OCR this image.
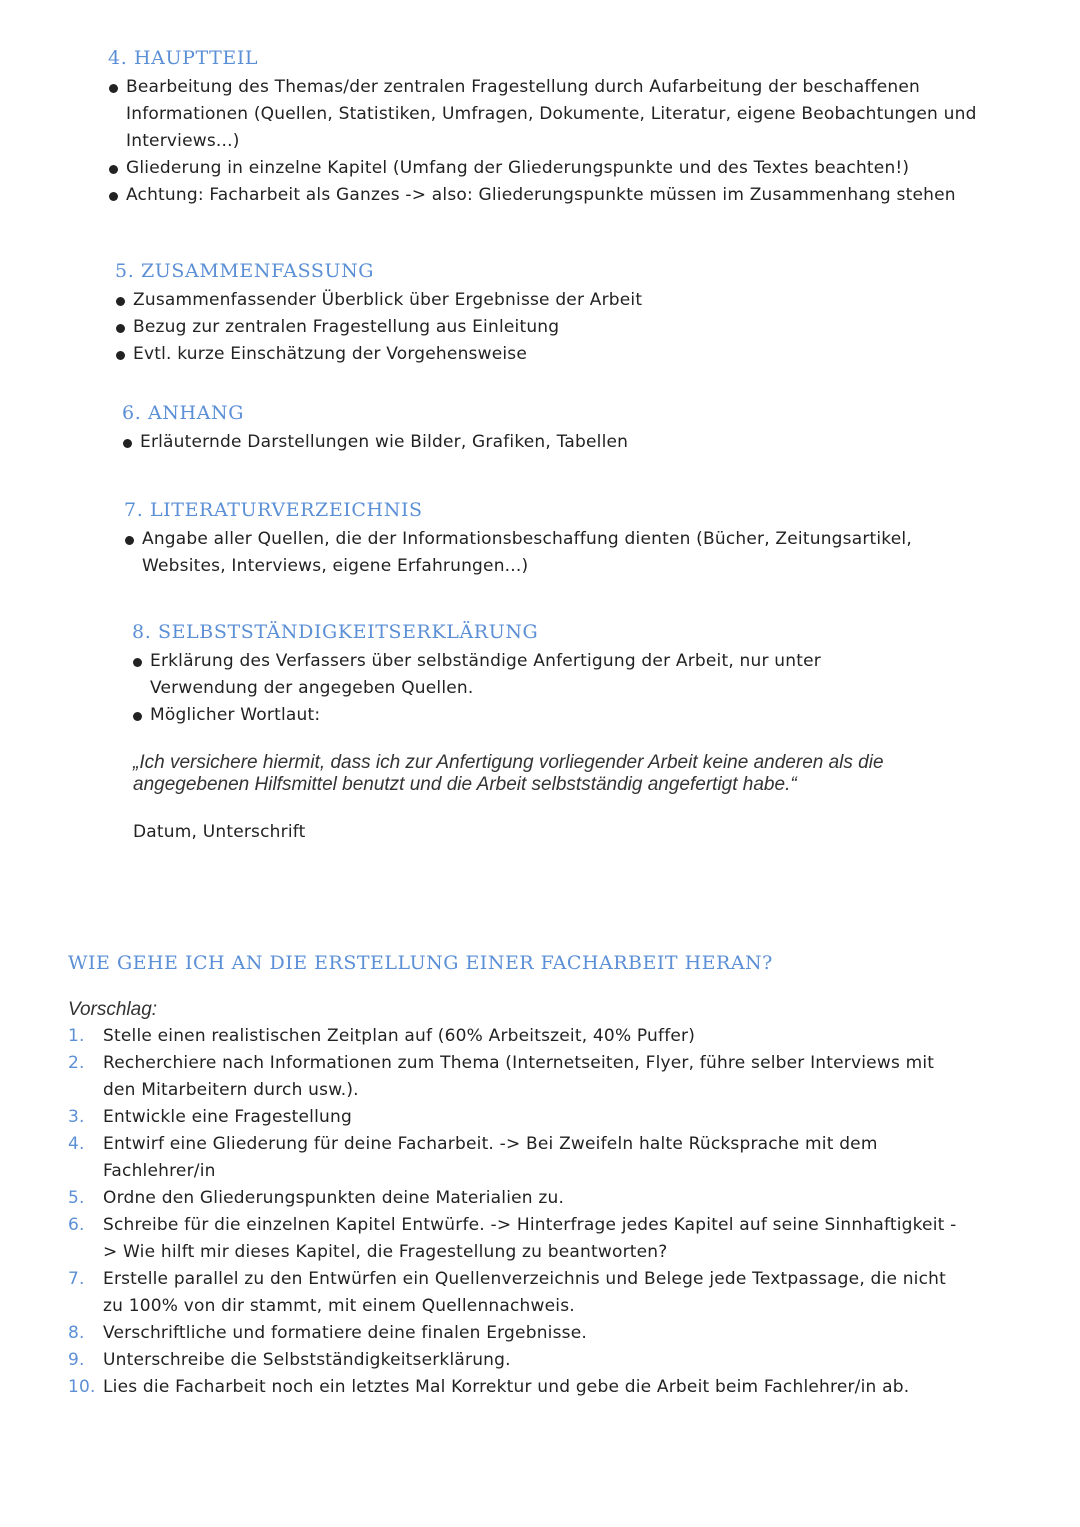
4. HAUPTTEIL
Bearbeitung des Themas/der zentralen Fragestellung durch Aufarbeitung der beschaffenen Informationen (Quellen, Statistiken, Umfragen, Dokumente, Literatur, eigene Beobachtungen und Interviews...)
Gliederung in einzelne Kapitel (Umfang der Gliederungspunkte und des Textes beachten!)
Achtung: Facharbeit als Ganzes -> also: Gliederungspunkte müssen im Zusammenhang stehen
5. ZUSAMMENFASSUNG
Zusammenfassender Überblick über Ergebnisse der Arbeit
Bezug zur zentralen Fragestellung aus Einleitung
Evtl. kurze Einschätzung der Vorgehensweise
6. ANHANG
Erläuternde Darstellungen wie Bilder, Grafiken, Tabellen
7. LITERATURVERZEICHNIS
Angabe aller Quellen, die der Informationsbeschaffung dienten (Bücher, Zeitungsartikel, Websites, Interviews, eigene Erfahrungen...)
8. SELBSTSTÄNDIGKEITSERKLÄRUNG
Erklärung des Verfassers über selbständige Anfertigung der Arbeit, nur unter Verwendung der angegeben Quellen.
Möglicher Wortlaut:
„Ich versichere hiermit, dass ich zur Anfertigung vorliegender Arbeit keine anderen als die angegebenen Hilfsmittel benutzt und die Arbeit selbstständig angefertigt habe.“
Datum, Unterschrift
WIE GEHE ICH AN DIE ERSTELLUNG EINER FACHARBEIT HERAN?
Vorschlag:
1. Stelle einen realistischen Zeitplan auf (60% Arbeitszeit, 40% Puffer)
2. Recherchiere nach Informationen zum Thema (Internetseiten, Flyer, führe selber Interviews mit den Mitarbeitern durch usw.).
3. Entwickle eine Fragestellung
4. Entwirf eine Gliederung für deine Facharbeit. -> Bei Zweifeln halte Rücksprache mit dem Fachlehrer/in
5. Ordne den Gliederungspunkten deine Materialien zu.
6. Schreibe für die einzelnen Kapitel Entwürfe. -> Hinterfrage jedes Kapitel auf seine Sinnhaftigkeit -> Wie hilft mir dieses Kapitel, die Fragestellung zu beantworten?
7. Erstelle parallel zu den Entwürfen ein Quellenverzeichnis und Belege jede Textpassage, die nicht zu 100% von dir stammt, mit einem Quellennachweis.
8. Verschriftliche und formatiere deine finalen Ergebnisse.
9. Unterschreibe die Selbstständigkeitserklärung.
10. Lies die Facharbeit noch ein letztes Mal Korrektur und gebe die Arbeit beim Fachlehrer/in ab.
